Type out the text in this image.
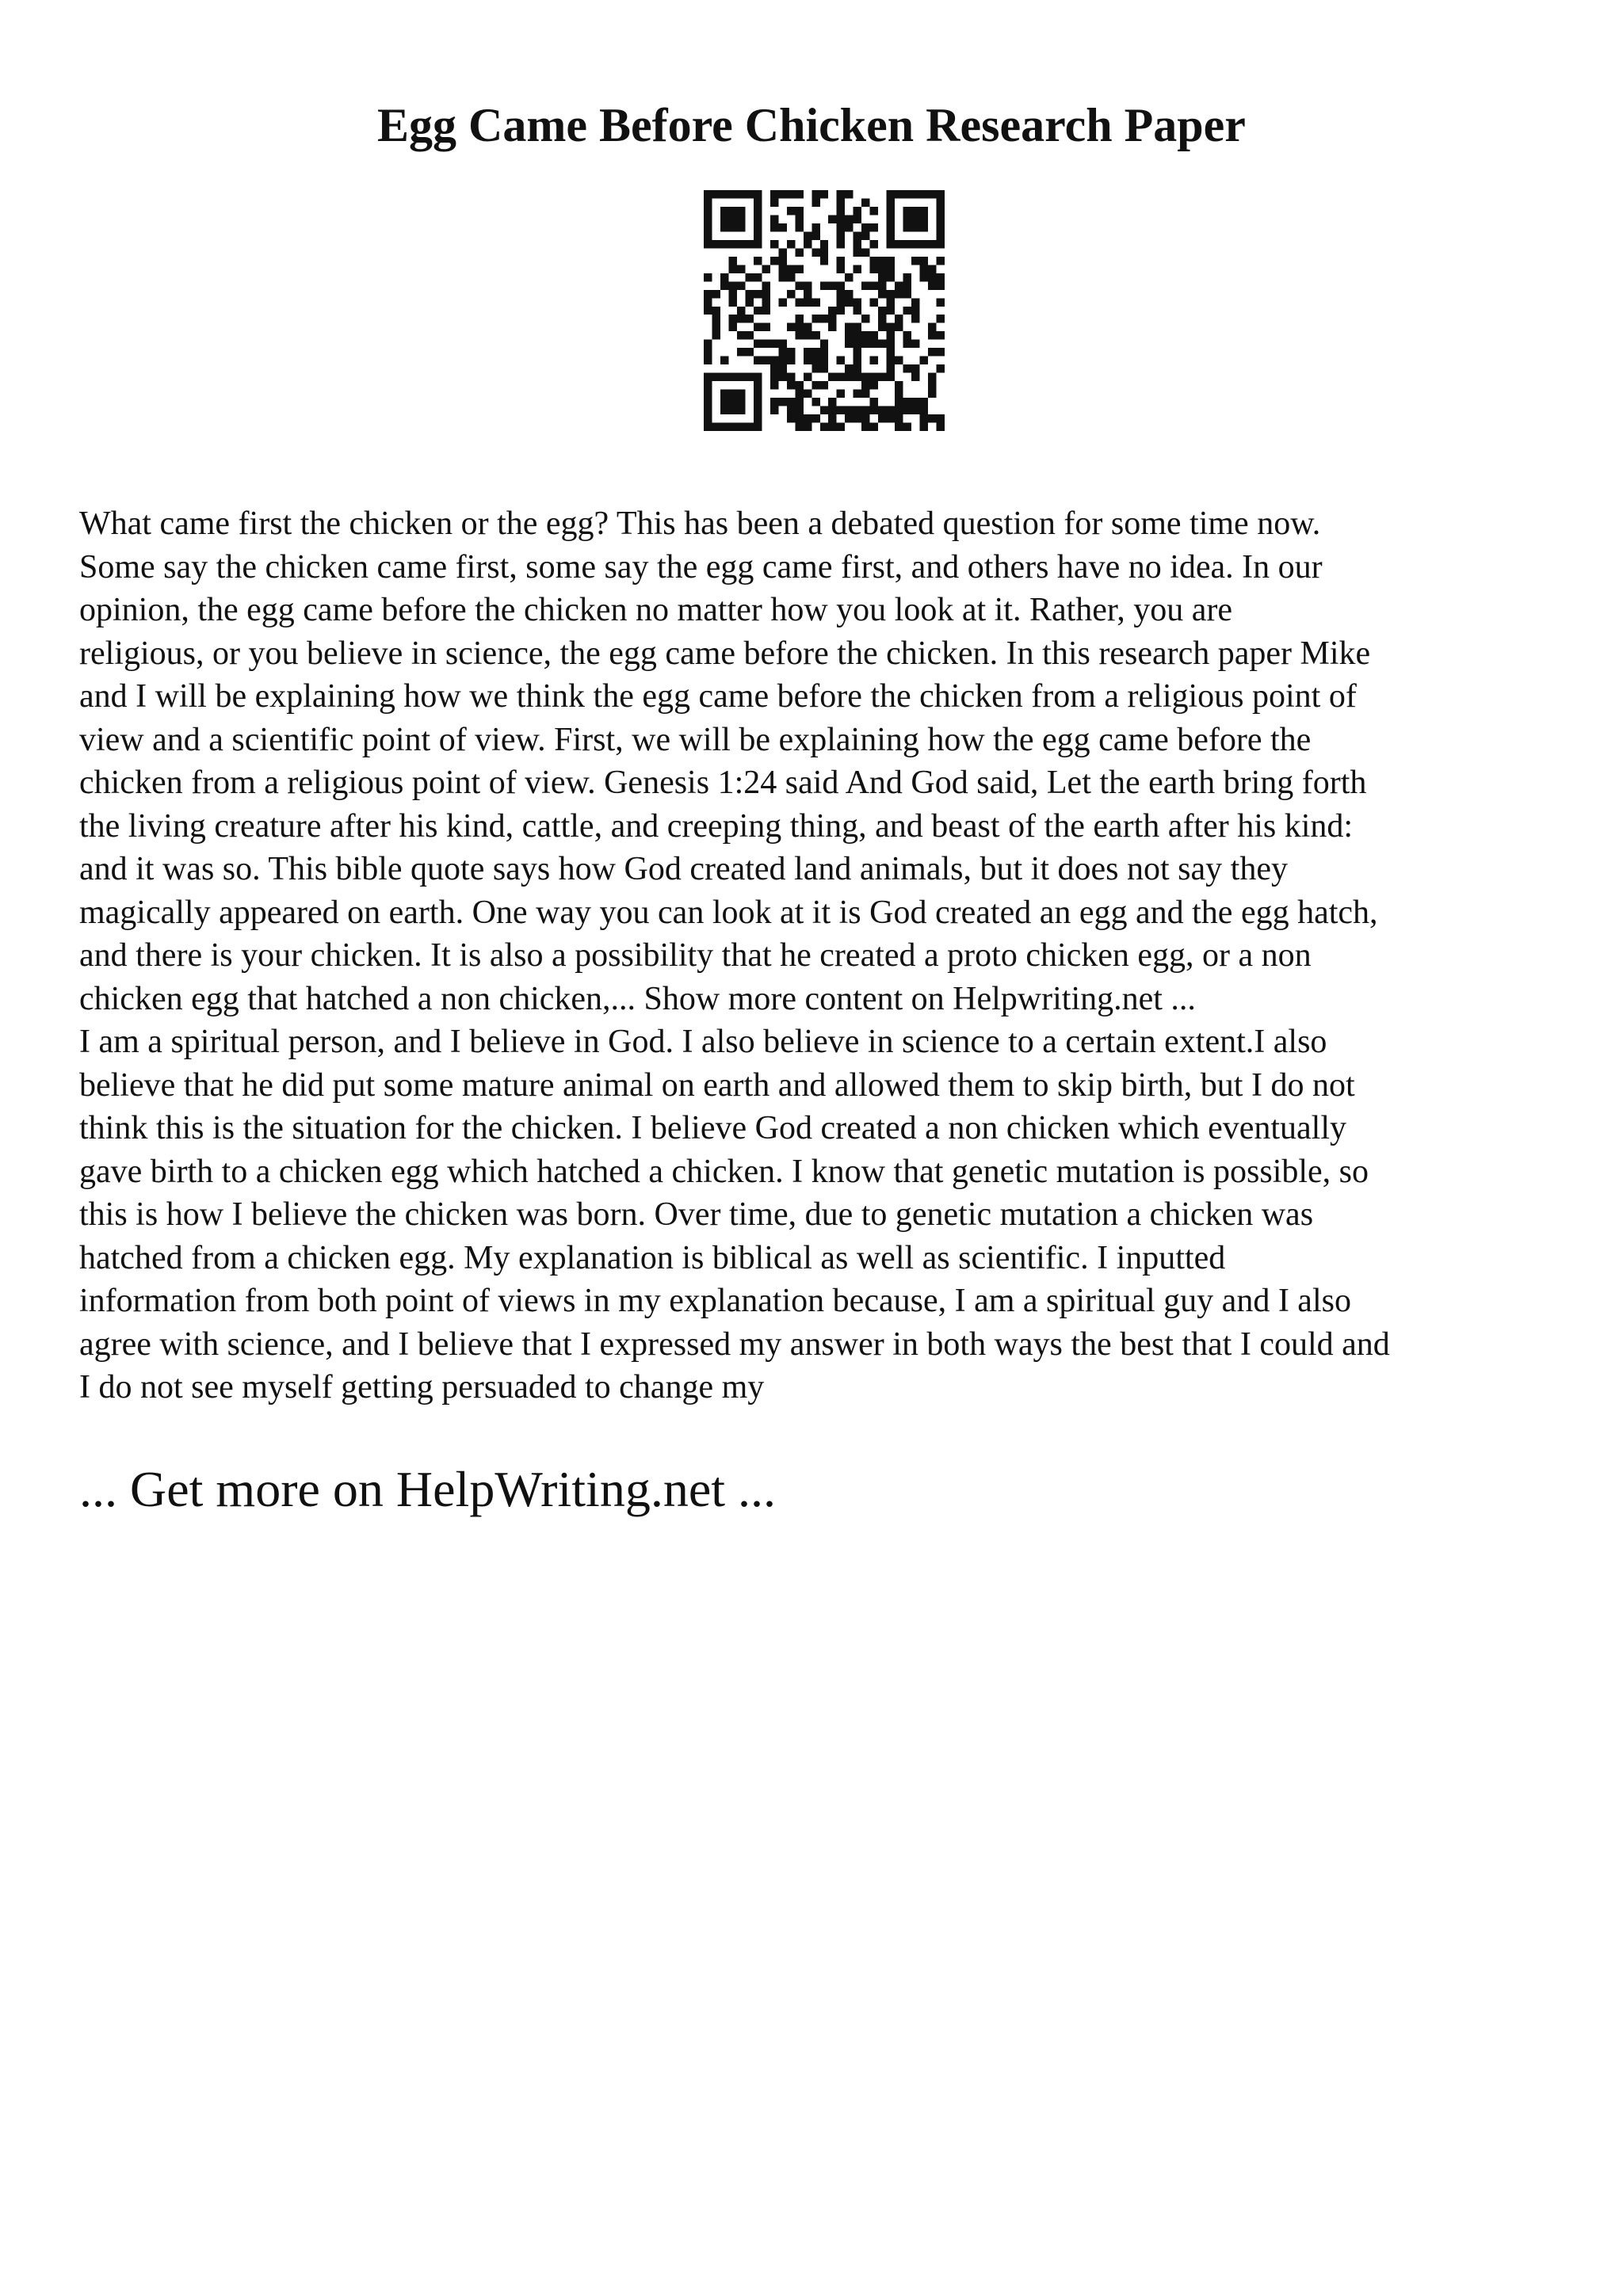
Egg Came Before Chicken Research Paper

What came first the chicken or the egg? This has been a debated question for some time now.

Some say the chicken came first, some say the egg came first, and others have no idea. In our

opinion, the egg came before the chicken no matter how you look at it. Rather, you are

religious, or you believe in science, the egg came before the chicken. In this research paper Mike

and I will be explaining how we think the egg came before the chicken from a religious point of

view and a scientific point of view. First, we will be explaining how the egg came before the

chicken from a religious point of view. Genesis 1:24 said And God said, Let the earth bring forth

the living creature after his kind, cattle, and creeping thing, and beast of the earth after his kind:

and it was so. This bible quote says how God created land animals, but it does not say they

magically appeared on earth. One way you can look at it is God created an egg and the egg hatch,

and there is your chicken. It is also a possibility that he created a proto chicken egg, or a non

chicken egg that hatched a non chicken,... Show more content on Helpwriting.net ...

I am a spiritual person, and I believe in God. I also believe in science to a certain extent.I also

believe that he did put some mature animal on earth and allowed them to skip birth, but I do not

think this is the situation for the chicken. I believe God created a non chicken which eventually

gave birth to a chicken egg which hatched a chicken. I know that genetic mutation is possible, so

this is how I believe the chicken was born. Over time, due to genetic mutation a chicken was

hatched from a chicken egg. My explanation is biblical as well as scientific. I inputted

information from both point of views in my explanation because, I am a spiritual guy and I also

agree with science, and I believe that I expressed my answer in both ways the best that I could and

I do not see myself getting persuaded to change my

... Get more on HelpWriting.net ...
